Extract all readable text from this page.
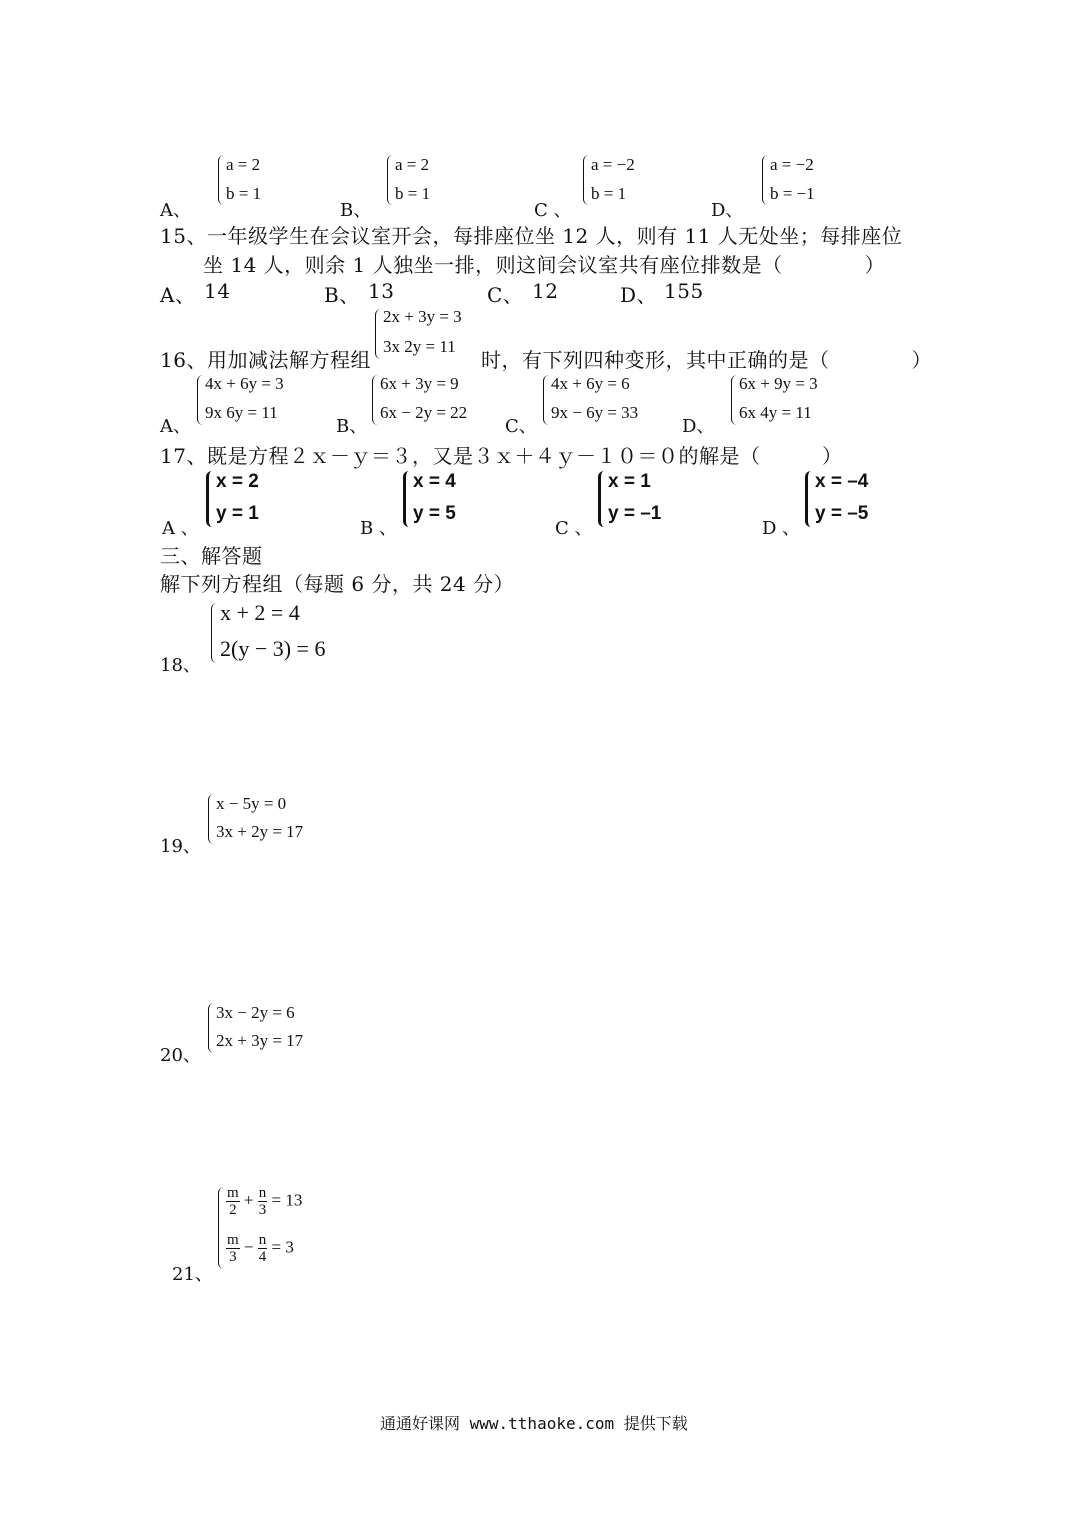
A、
a = 2
b = 1
B、
a = 2
b = 1
C 、
a = −2
b = 1
D、
a = −2
b = −1
15、一年级学生在会议室开会，每排座位坐 12 人，则有 11 人无处坐；每排座位
坐 14 人，则余 1 人独坐一排，则这间会议室共有座位排数是（　　　　）
A、 14	B、 13	C、 12	D、 155
16、用加减法解方程组
2x + 3y = 3
3x 2y = 11
时，有下列四种变形，其中正确的是（　　　　）
A、
4x + 6y = 3
9x 6y = 11
B、
6x + 3y = 9
6x − 2y = 22
C、
4x + 6y = 6
9x − 6y = 33
D、
6x + 9y = 3
6x 4y = 11
17、既是方程２ｘ－ｙ＝３，又是３ｘ＋４ｙ－１０＝０的解是（　　　）
A 、
x = 2
y = 1
B 、
x = 4
y = 5
C 、
x = 1
y = –1
D 、
x = –4
y = –5
三、解答题
解下列方程组（每题 6 分，共 24 分）
18、
x + 2 = 4
2(y − 3) = 6
19、
x − 5y = 0
3x + 2y = 17
20、
3x − 2y = 6
2x + 3y = 17
21、
$\frac{m}{2} + \frac{n}{3} = 13$
$\frac{m}{3} - \frac{n}{4} = 3$
通通好课网 www.tthaoke.com 提供下载
